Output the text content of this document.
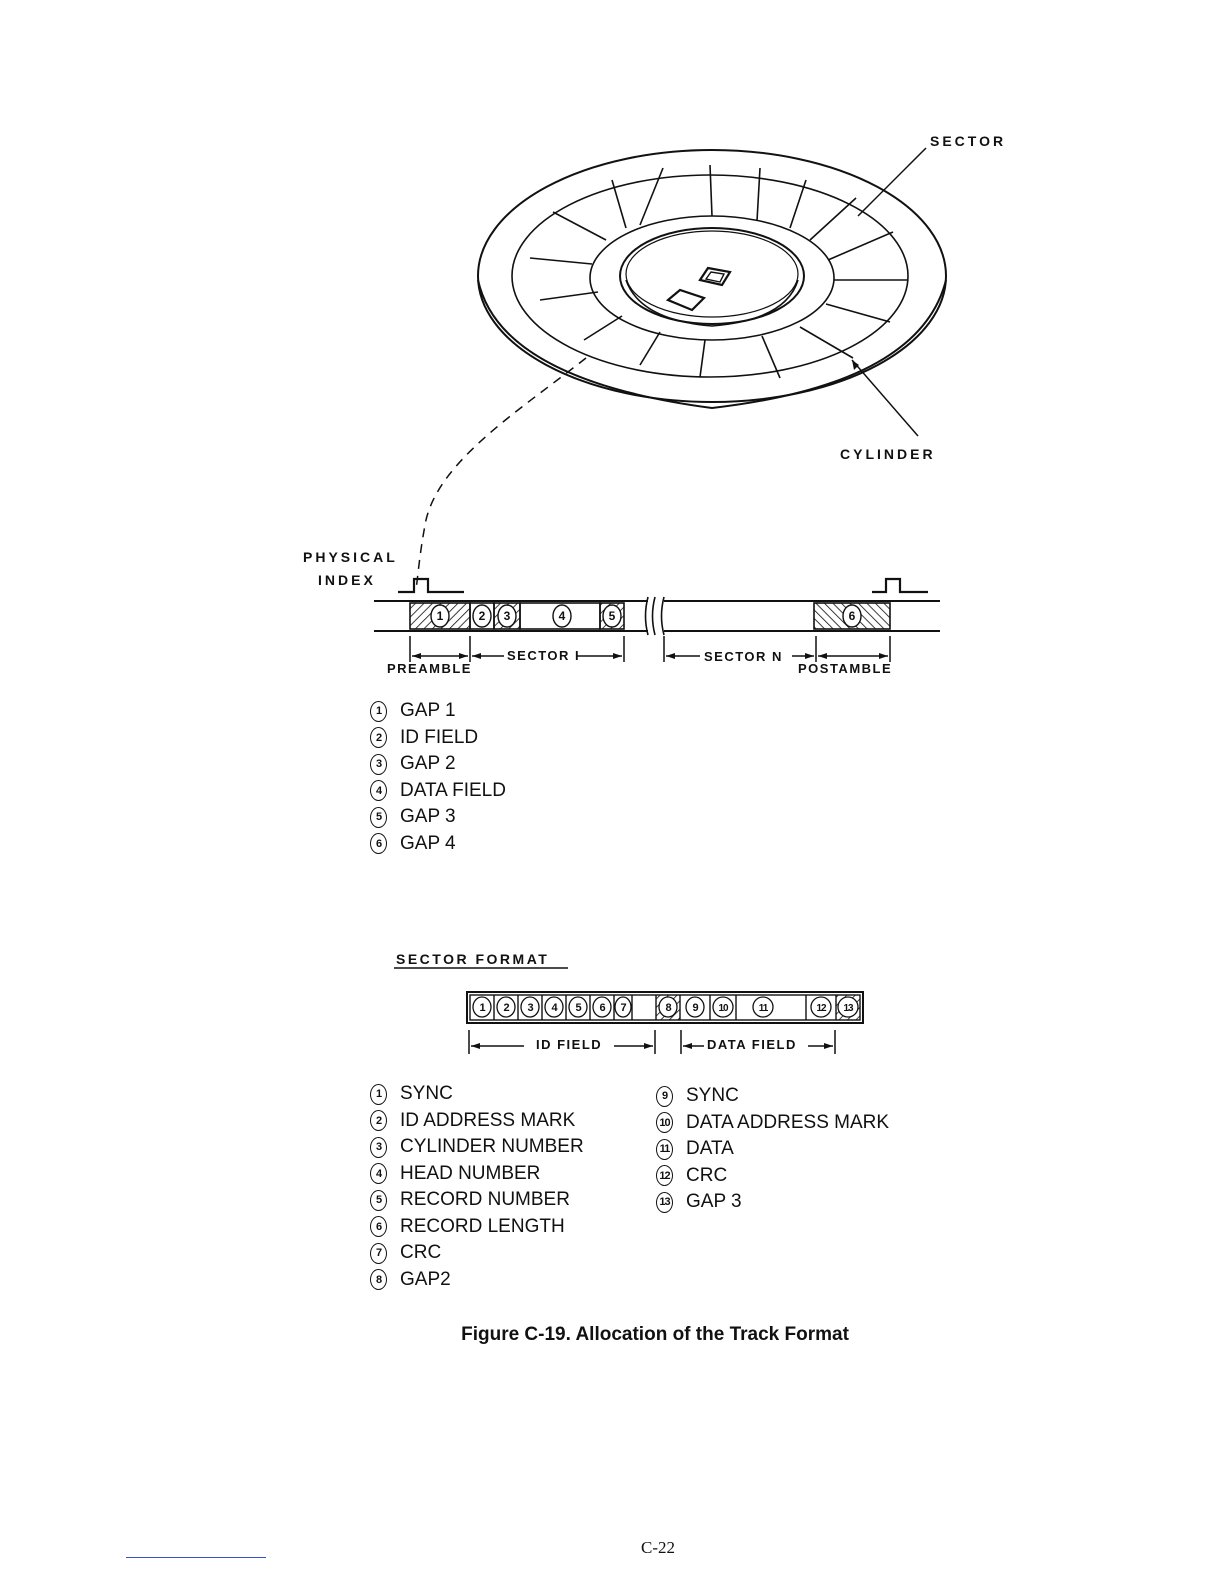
1	2 3	4	5	6
1 2 3 4 5 6 7	8 9 10	11	12 13
SECTOR
CYLINDER
PHYSICAL
INDEX
PREAMBLE
SECTOR I	SECTOR N
POSTAMBLE
1 GAP 1
2 ID FIELD
3 GAP 2
4 DATA FIELD
5 GAP 3
6 GAP 4
SECTOR FORMAT
ID FIELD	DATA FIELD
1 SYNC
2 ID ADDRESS MARK
3 CYLINDER NUMBER
4 HEAD NUMBER
5 RECORD NUMBER
6 RECORD LENGTH
7 CRC
8 GAP2
9 SYNC
10 DATA ADDRESS MARK
11 DATA
12 CRC
13 GAP 3
Figure C-19. Allocation of the Track Format
C-22
